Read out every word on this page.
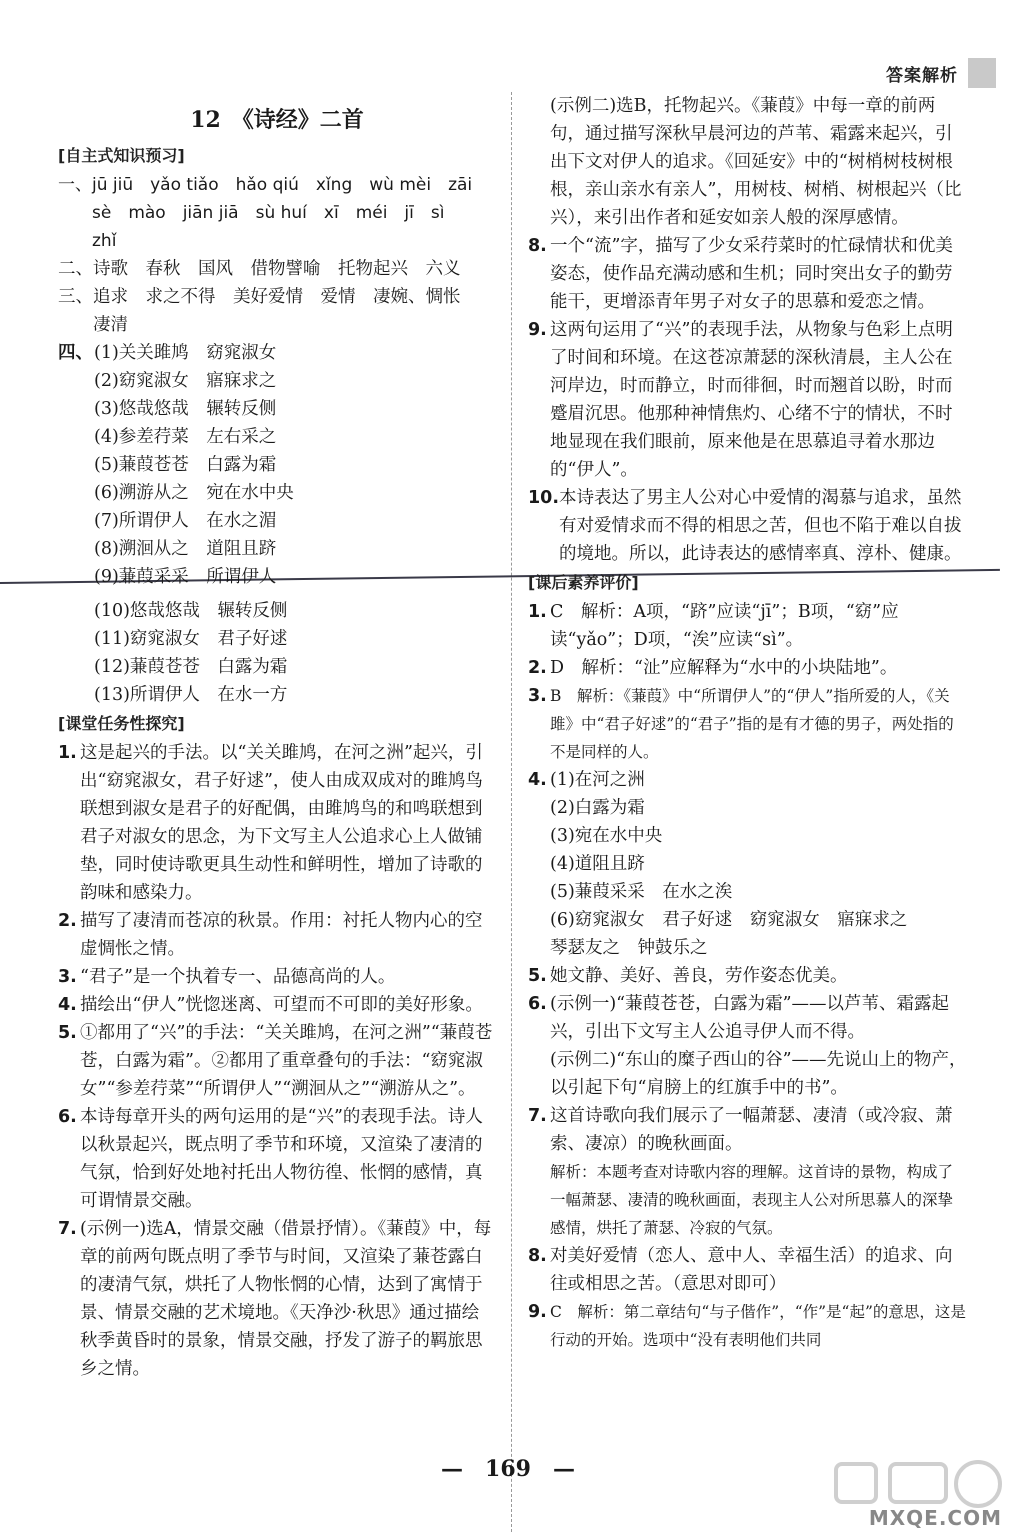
答案解析
12　《诗经》二首
[自主式知识预习]
一、jū jiū　yǎo tiǎo　hǎo qiú　xǐng　wù mèi　zāi
　　sè　mào　jiān jiā　sù huí　xī　méi　jī　sì
　　zhǐ
二、诗歌　春秋　国风　借物譬喻　托物起兴　六义
三、追求　求之不得　美好爱情　爱情　凄婉、惆怅
　　凄清
四、 (1)关关雎鸠　窈窕淑女
(2)窈窕淑女　寤寐求之
(3)悠哉悠哉　辗转反侧
(4)参差荇菜　左右采之
(5)蒹葭苍苍　白露为霜
(6)溯游从之　宛在水中央
(7)所谓伊人　在水之湄
(8)溯洄从之　道阻且跻
(9)蒹葭采采　所谓伊人
(10)悠哉悠哉　辗转反侧
(11)窈窕淑女　君子好逑
(12)蒹葭苍苍　白露为霜
(13)所谓伊人　在水一方
[课堂任务性探究]
1. 这是起兴的手法。以“关关雎鸠，在河之洲”起兴，引出“窈窕淑女，君子好逑”，使人由成双成对的雎鸠鸟联想到淑女是君子的好配偶，由雎鸠鸟的和鸣联想到君子对淑女的思念，为下文写主人公追求心上人做铺垫，同时使诗歌更具生动性和鲜明性，增加了诗歌的韵味和感染力。
2. 描写了凄清而苍凉的秋景。作用：衬托人物内心的空虚惆怅之情。
3. “君子”是一个执着专一、品德高尚的人。
4. 描绘出“伊人”恍惚迷离、可望而不可即的美好形象。
5. ①都用了“兴”的手法：“关关雎鸠，在河之洲”“蒹葭苍苍，白露为霜”。②都用了重章叠句的手法：“窈窕淑女”“参差荇菜”“所谓伊人”“溯洄从之”“溯游从之”。
6. 本诗每章开头的两句运用的是“兴”的表现手法。诗人以秋景起兴，既点明了季节和环境，又渲染了凄清的气氛，恰到好处地衬托出人物彷徨、怅惘的感情，真可谓情景交融。
7. (示例一)选A，情景交融（借景抒情）。《蒹葭》中，每章的前两句既点明了季节与时间，又渲染了蒹苍露白的凄清气氛，烘托了人物怅惘的心情，达到了寓情于景、情景交融的艺术境地。《天净沙·秋思》通过描绘秋季黄昏时的景象，情景交融，抒发了游子的羁旅思乡之情。
(示例二)选B，托物起兴。《蒹葭》中每一章的前两句，通过描写深秋早晨河边的芦苇、霜露来起兴，引出下文对伊人的追求。《回延安》中的“树梢树枝树根根，亲山亲水有亲人”，用树枝、树梢、树根起兴（比兴），来引出作者和延安如亲人般的深厚感情。
8. 一个“流”字，描写了少女采荇菜时的忙碌情状和优美姿态，使作品充满动感和生机；同时突出女子的勤劳能干，更增添青年男子对女子的思慕和爱恋之情。
9. 这两句运用了“兴”的表现手法，从物象与色彩上点明了时间和环境。在这苍凉萧瑟的深秋清晨，主人公在河岸边，时而静立，时而徘徊，时而翘首以盼，时而蹙眉沉思。他那种神情焦灼、心绪不宁的情状，不时地显现在我们眼前，原来他是在思慕追寻着水那边的“伊人”。
10. 本诗表达了男主人公对心中爱情的渴慕与追求，虽然有对爱情求而不得的相思之苦，但也不陷于难以自拔的境地。所以，此诗表达的感情率真、淳朴、健康。
[课后素养评价]
1. C　解析：A项，“跻”应读“jī”；B项，“窈”应读“yǎo”；D项，“涘”应读“sì”。
2. D　解析：“沚”应解释为“水中的小块陆地”。
3. B　解析：《蒹葭》中“所谓伊人”的“伊人”指所爱的人，《关雎》中“君子好逑”的“君子”指的是有才德的男子，两处指的不是同样的人。
4. (1)在河之洲
(2)白露为霜
(3)宛在水中央
(4)道阻且跻
(5)蒹葭采采　在水之涘
(6)窈窕淑女　君子好逑　窈窕淑女　寤寐求之
琴瑟友之　钟鼓乐之
5. 她文静、美好、善良，劳作姿态优美。
6. (示例一)“蒹葭苍苍，白露为霜”——以芦苇、霜露起兴，引出下文写主人公追寻伊人而不得。
(示例二)“东山的糜子西山的谷”——先说山上的物产，以引起下句“肩膀上的红旗手中的书”。
7. 这首诗歌向我们展示了一幅萧瑟、凄清（或冷寂、萧索、凄凉）的晚秋画面。
解析：本题考查对诗歌内容的理解。这首诗的景物，构成了一幅萧瑟、凄清的晚秋画面，表现主人公对所思慕人的深挚感情，烘托了萧瑟、冷寂的气氛。
8. 对美好爱情（恋人、意中人、幸福生活）的追求、向往或相思之苦。（意思对即可）
9. C　解析：第二章结句“与子偕作”，“作”是“起”的意思，这是行动的开始。选项中“没有表明他们共同
—　169　—
MXQE.COM
